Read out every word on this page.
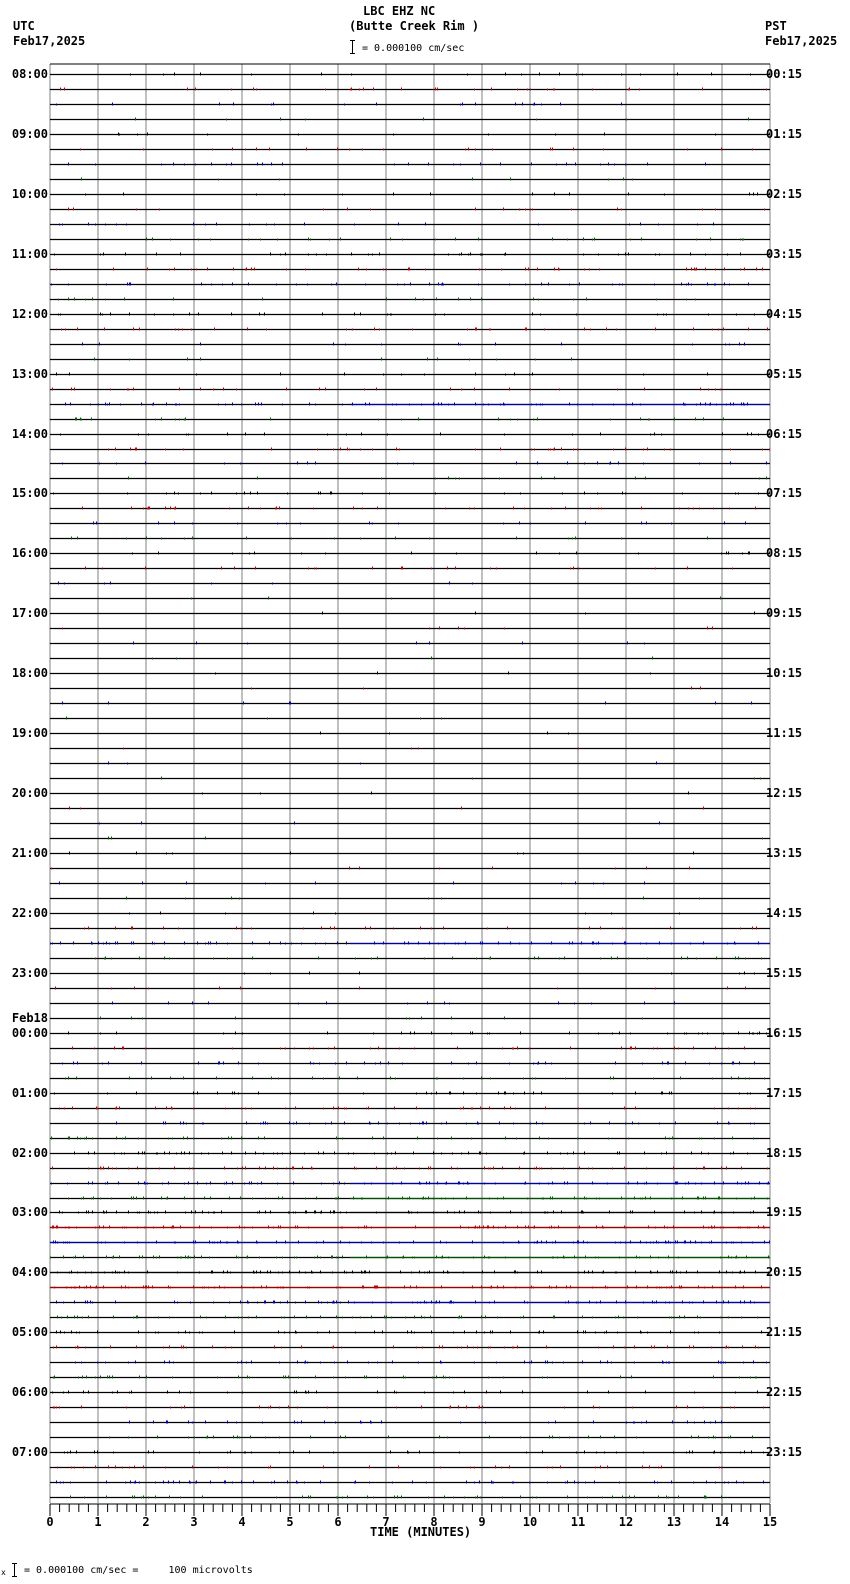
LBC EHZ NC
(Butte Creek Rim )
UTC
Feb17,2025
PST
Feb17,2025
= 0.000100 cm/sec
0	1	2	3	4	5	6	7	8	9	10	11	12	13	14	15
08:00
09:00
10:00
11:00
12:00
13:00
14:00
15:00
16:00
17:00
18:00
19:00
20:00
21:00
22:00
23:00
00:00
Feb18
01:00
02:00
03:00
04:00
05:00
06:00
07:00
00:15
01:15
02:15
03:15
04:15
05:15
06:15
07:15
08:15
09:15
10:15
11:15
12:15
13:15
14:15
15:15
16:15
17:15
18:15
19:15
20:15
21:15
22:15
23:15
TIME (MINUTES)
x = 0.000100 cm/sec =     100 microvolts
